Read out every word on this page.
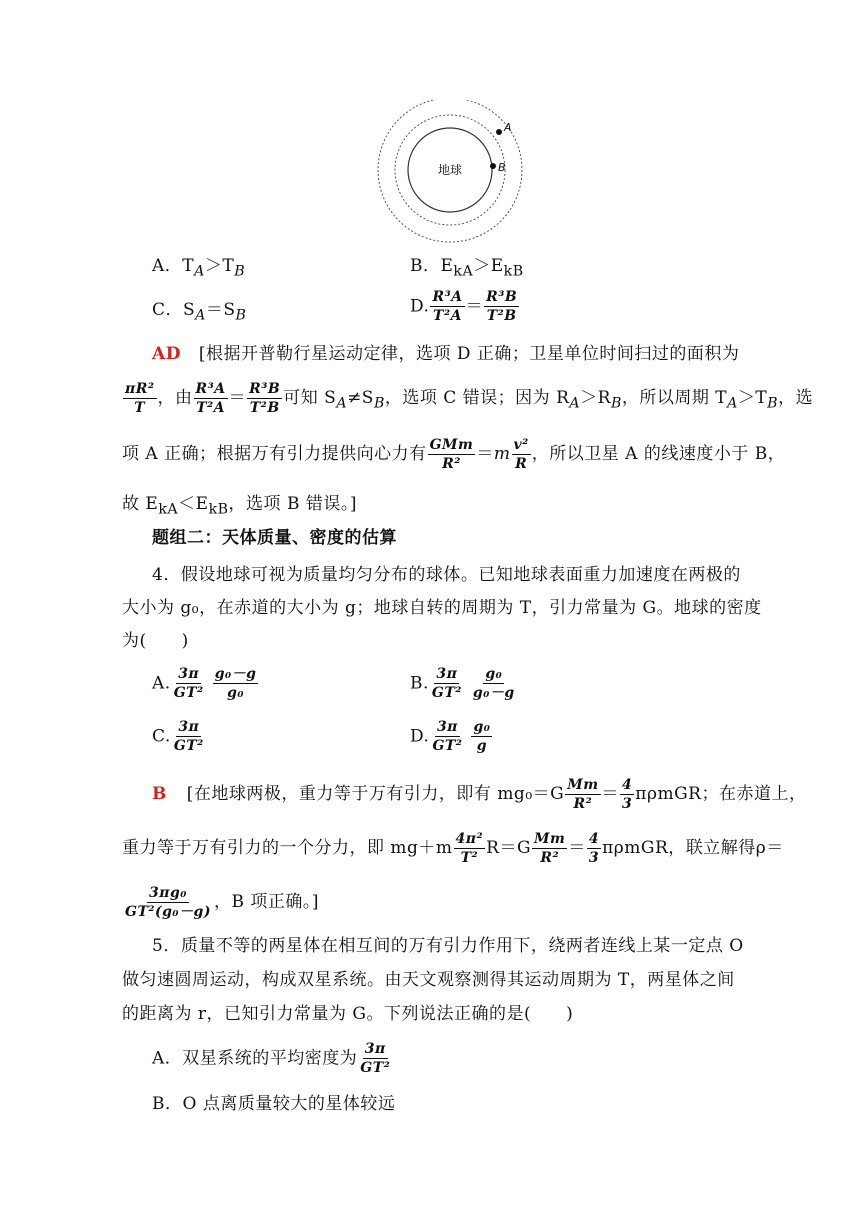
地球
A
B
A．$T_A>T_B$	B．$E_{kA}>E_{kB}$
C．$S_A=S_B$	D. $\frac{\text{R³A}}{\text{T²A}} = \frac{\text{R³B}}{\text{T²B}}$
AD [根据开普勒行星运动定律，选项 D 正确；卫星单位时间扫过的面积为
$\frac{\text{πR²}}{T}$ ，由 $\frac{\text{R³A}}{\text{T²A}} = \frac{\text{R³B}}{\text{T²B}}$ 可知 $S_A\ne S_B$，选项 C 错误；因为 $R_A>R_B$，所以周期 $T_A>T_B$，选
项 A 正确；根据万有引力提供向心力有 $\frac{\text{GMm}}{\text{R²}} =m \frac{\text{v²}}{R}$ ，所以卫星 A 的线速度小于 B，
故 $E_{kA}<E_{kB}$，选项 B 错误。]
题组二：天体质量、密度的估算
4．假设地球可视为质量均匀分布的球体。已知地球表面重力加速度在两极的
大小为 g₀，在赤道的大小为 g；地球自转的周期为 T，引力常量为 G。地球的密度
为(　　)
A. $\frac{3\pi}{\text{GT²}} \frac{\text{g₀－g}}{\text{g₀}}$	B. $\frac{3\pi}{\text{GT²}} \frac{\text{g₀}}{\text{g₀－g}}$
C. $\frac{3\pi}{\text{GT²}}$	D. $\frac{3\pi}{\text{GT²}} \frac{\text{g₀}}{g}$
B [在地球两极，重力等于万有引力，即有 $mg_0=G \frac{Mm}{\text{R²}} = \frac{4}{3}$ πρmGR；在赤道上，
重力等于万有引力的一个分力，即 $mg+m \frac{\text{4π²}}{\text{T²}} R=G \frac{Mm}{\text{R²}} = \frac{4}{3}$ πρmGR，联立解得ρ＝
$\frac{\text{3πg₀}}{\text{GT²(g₀－g)}}$ ，B 项正确。]
5．质量不等的两星体在相互间的万有引力作用下，绕两者连线上某一定点 O
做匀速圆周运动，构成双星系统。由天文观察测得其运动周期为 T，两星体之间
的距离为 r，已知引力常量为 G。下列说法正确的是(　　)
A．双星系统的平均密度为 $\frac{3\pi}{\text{GT²}}$
B．O 点离质量较大的星体较远
